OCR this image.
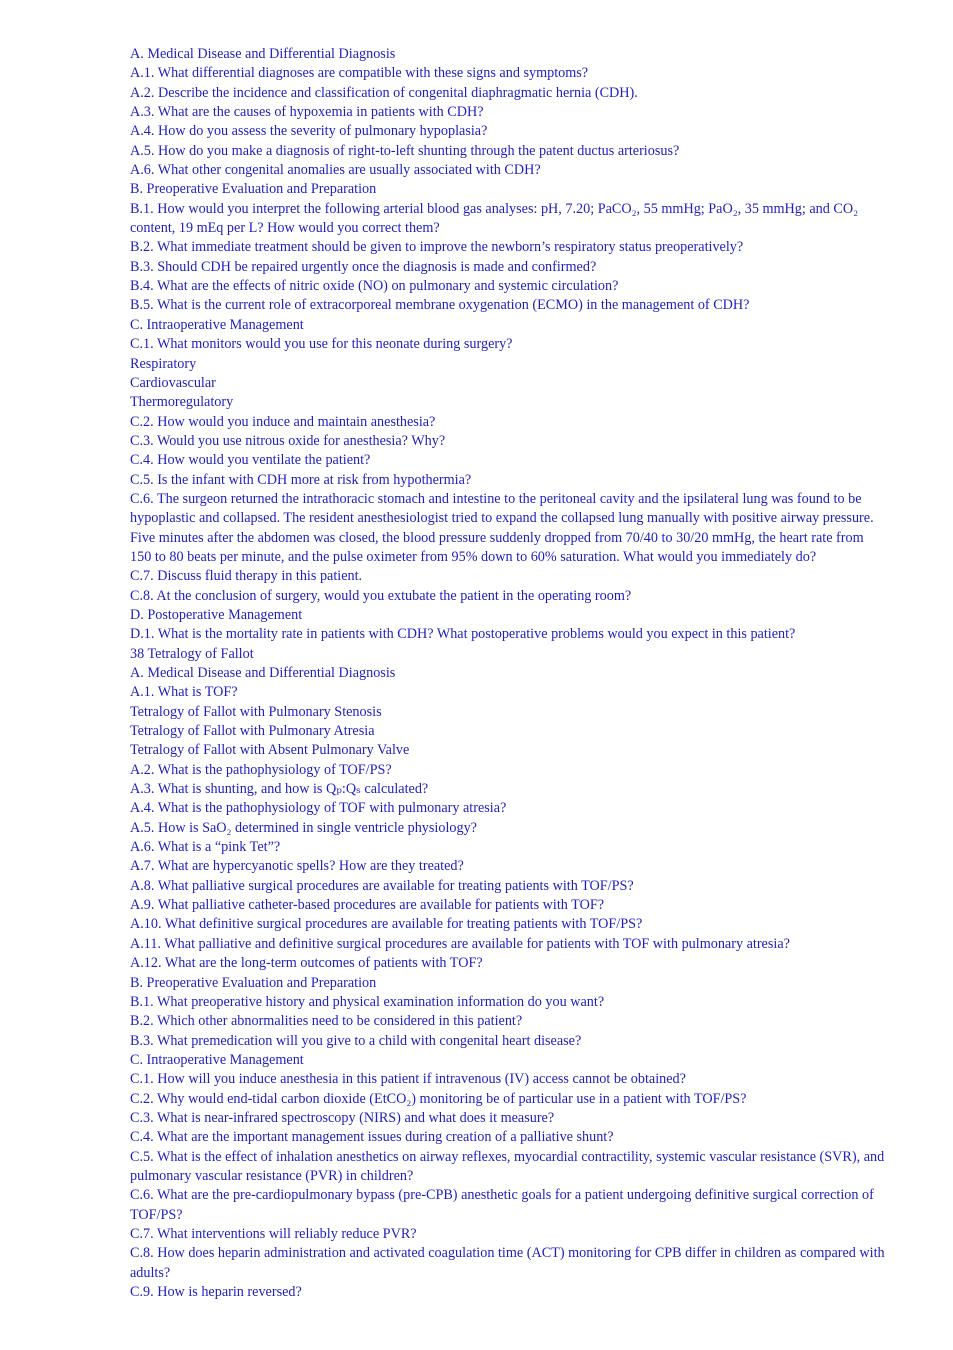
A. Medical Disease and Differential Diagnosis
A.1. What differential diagnoses are compatible with these signs and symptoms?
A.2. Describe the incidence and classification of congenital diaphragmatic hernia (CDH).
A.3. What are the causes of hypoxemia in patients with CDH?
A.4. How do you assess the severity of pulmonary hypoplasia?
A.5. How do you make a diagnosis of right-to-left shunting through the patent ductus arteriosus?
A.6. What other congenital anomalies are usually associated with CDH?
B. Preoperative Evaluation and Preparation
B.1. How would you interpret the following arterial blood gas analyses: pH, 7.20; PaCO₂, 55 mmHg; PaO₂, 35 mmHg; and CO₂
content, 19 mEq per L? How would you correct them?
B.2. What immediate treatment should be given to improve the newborn’s respiratory status preoperatively?
B.3. Should CDH be repaired urgently once the diagnosis is made and confirmed?
B.4. What are the effects of nitric oxide (NO) on pulmonary and systemic circulation?
B.5. What is the current role of extracorporeal membrane oxygenation (ECMO) in the management of CDH?
C. Intraoperative Management
C.1. What monitors would you use for this neonate during surgery?
Respiratory
Cardiovascular
Thermoregulatory
C.2. How would you induce and maintain anesthesia?
C.3. Would you use nitrous oxide for anesthesia? Why?
C.4. How would you ventilate the patient?
C.5. Is the infant with CDH more at risk from hypothermia?
C.6. The surgeon returned the intrathoracic stomach and intestine to the peritoneal cavity and the ipsilateral lung was found to be
hypoplastic and collapsed. The resident anesthesiologist tried to expand the collapsed lung manually with positive airway pressure.
Five minutes after the abdomen was closed, the blood pressure suddenly dropped from 70/40 to 30/20 mmHg, the heart rate from
150 to 80 beats per minute, and the pulse oximeter from 95% down to 60% saturation. What would you immediately do?
C.7. Discuss fluid therapy in this patient.
C.8. At the conclusion of surgery, would you extubate the patient in the operating room?
D. Postoperative Management
D.1. What is the mortality rate in patients with CDH? What postoperative problems would you expect in this patient?
38 Tetralogy of Fallot
A. Medical Disease and Differential Diagnosis
A.1. What is TOF?
Tetralogy of Fallot with Pulmonary Stenosis
Tetralogy of Fallot with Pulmonary Atresia
Tetralogy of Fallot with Absent Pulmonary Valve
A.2. What is the pathophysiology of TOF/PS?
A.3. What is shunting, and how is Qₚ:Qₛ calculated?
A.4. What is the pathophysiology of TOF with pulmonary atresia?
A.5. How is SaO₂ determined in single ventricle physiology?
A.6. What is a “pink Tet”?
A.7. What are hypercyanotic spells? How are they treated?
A.8. What palliative surgical procedures are available for treating patients with TOF/PS?
A.9. What palliative catheter-based procedures are available for patients with TOF?
A.10. What definitive surgical procedures are available for treating patients with TOF/PS?
A.11. What palliative and definitive surgical procedures are available for patients with TOF with pulmonary atresia?
A.12. What are the long-term outcomes of patients with TOF?
B. Preoperative Evaluation and Preparation
B.1. What preoperative history and physical examination information do you want?
B.2. Which other abnormalities need to be considered in this patient?
B.3. What premedication will you give to a child with congenital heart disease?
C. Intraoperative Management
C.1. How will you induce anesthesia in this patient if intravenous (IV) access cannot be obtained?
C.2. Why would end-tidal carbon dioxide (EtCO₂) monitoring be of particular use in a patient with TOF/PS?
C.3. What is near-infrared spectroscopy (NIRS) and what does it measure?
C.4. What are the important management issues during creation of a palliative shunt?
C.5. What is the effect of inhalation anesthetics on airway reflexes, myocardial contractility, systemic vascular resistance (SVR), and
pulmonary vascular resistance (PVR) in children?
C.6. What are the pre-cardiopulmonary bypass (pre-CPB) anesthetic goals for a patient undergoing definitive surgical correction of
TOF/PS?
C.7. What interventions will reliably reduce PVR?
C.8. How does heparin administration and activated coagulation time (ACT) monitoring for CPB differ in children as compared with
adults?
C.9. How is heparin reversed?
